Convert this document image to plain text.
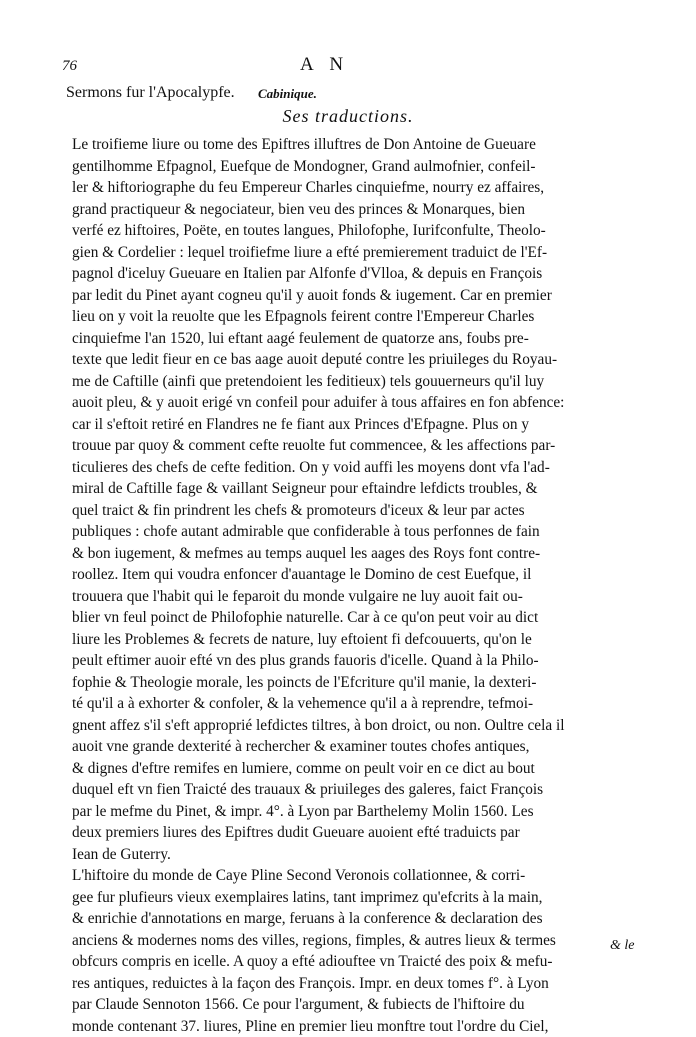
76	A N
Sermons fur l'Apocalypfe. Cabinique.
Ses traductions.
Le troifieme liure ou tome des Epiftres illuftres de Don Antoine de Gueuare
gentilhomme Efpagnol, Euefque de Mondogner, Grand aulmofnier, confeil-
ler & hiftoriographe du feu Empereur Charles cinquiefme, nourry ez affaires,
grand practiqueur & negociateur, bien veu des princes & Monarques, bien
verfé ez hiftoires, Poëte, en toutes langues, Philofophe, Iurifconfulte, Theolo-
gien & Cordelier : lequel troifiefme liure a efté premierement traduict de l'Ef-
pagnol d'iceluy Gueuare en Italien par Alfonfe d'Vlloa, & depuis en François
par ledit du Pinet ayant cogneu qu'il y auoit fonds & iugement. Car en premier
lieu on y voit la reuolte que les Efpagnols feirent contre l'Empereur Charles
cinquiefme l'an 1520, lui eftant aagé feulement de quatorze ans, foubs pre-
texte que ledit fieur en ce bas aage auoit deputé contre les priuileges du Royau-
me de Caftille (ainfi que pretendoient les feditieux) tels gouuerneurs qu'il luy
auoit pleu, & y auoit erigé vn confeil pour aduifer à tous affaires en fon abfence:
car il s'eftoit retiré en Flandres ne fe fiant aux Princes d'Efpagne. Plus on y
trouue par quoy & comment cefte reuolte fut commencee, & les affections par-
ticulieres des chefs de cefte fedition. On y void auffi les moyens dont vfa l'ad-
miral de Caftille fage & vaillant Seigneur pour eftaindre lefdicts troubles, &
quel traict & fin prindrent les chefs & promoteurs d'iceux & leur par actes
publiques : chofe autant admirable que confiderable à tous perfonnes de fain
& bon iugement, & mefmes au temps auquel les aages des Roys font contre-
roollez. Item qui voudra enfoncer d'auantage le Domino de cest Euefque, il
trouuera que l'habit qui le feparoit du monde vulgaire ne luy auoit fait ou-
blier vn feul poinct de Philofophie naturelle. Car à ce qu'on peut voir au dict
liure les Problemes & fecrets de nature, luy eftoient fi defcouuerts, qu'on le
peult eftimer auoir efté vn des plus grands fauoris d'icelle. Quand à la Philo-
fophie & Theologie morale, les poincts de l'Efcriture qu'il manie, la dexteri-
té qu'il a à exhorter & confoler, & la vehemence qu'il a à reprendre, tefmoi-
gnent affez s'il s'eft approprié lefdictes tiltres, à bon droict, ou non. Oultre cela il
auoit vne grande dexterité à rechercher & examiner toutes chofes antiques,
& dignes d'eftre remifes en lumiere, comme on peult voir en ce dict au bout
duquel eft vn fien Traicté des trauaux & priuileges des galeres, faict François
par le mefme du Pinet, & impr. 4°. à Lyon par Barthelemy Molin 1560. Les
deux premiers liures des Epiftres dudit Gueuare auoient efté traduicts par
Iean de Guterry.
L'hiftoire du monde de Caye Pline Second Veronois collationnee, & corri-
gee fur plufieurs vieux exemplaires latins, tant imprimez qu'efcrits à la main,
& enrichie d'annotations en marge, feruans à la conference & declaration des
anciens & modernes noms des villes, regions, fimples, & autres lieux & termes
obfcurs compris en icelle. A quoy a efté adiouftee vn Traicté des poix & mefu-
res antiques, reduictes à la façon des François. Impr. en deux tomes f°. à Lyon
par Claude Sennoton 1566. Ce pour l'argument, & fubiects de l'hiftoire du
monde contenant 37. liures, Pline en premier lieu monftre tout l'ordre du Ciel,
& le
